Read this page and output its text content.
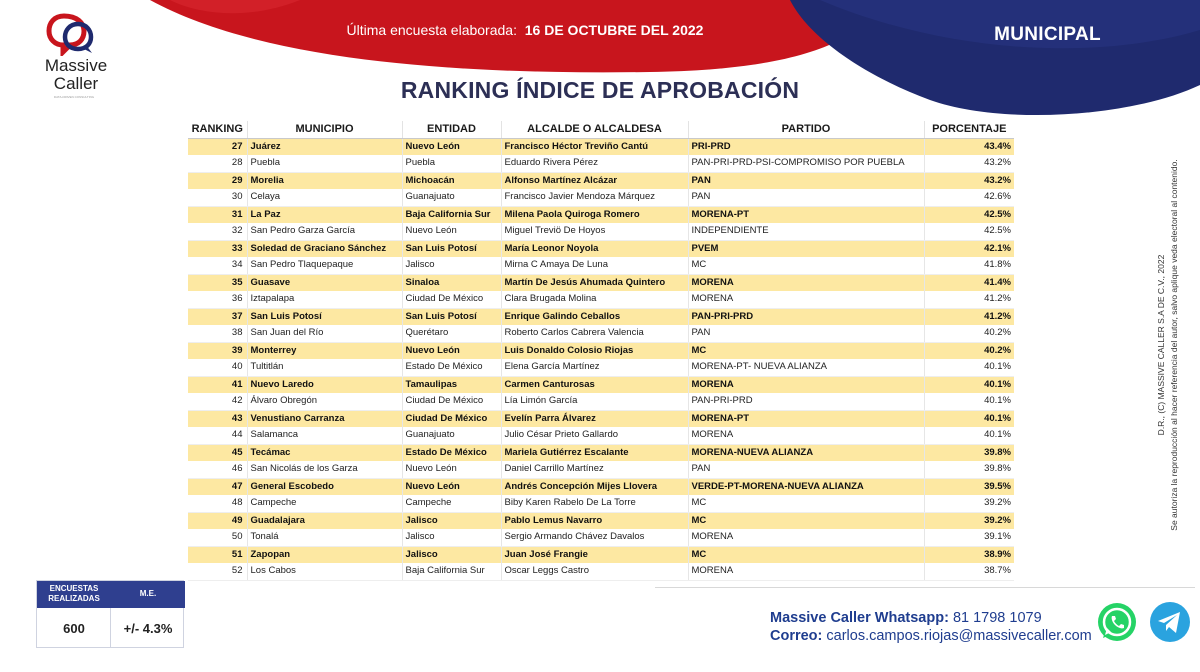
Última encuesta elaborada: 16 DE OCTUBRE DEL 2022	MUNICIPAL
Massive
Caller
DATA-DRIVEN CONSULTING	RANKING ÍNDICE DE APROBACIÓN
RANKING	MUNICIPIO	ENTIDAD	ALCALDE O ALCALDESA	PARTIDO	PORCENTAJE
27	Juárez	Nuevo León	Francisco Héctor Treviño Cantú	PRI-PRD	43.4%
28	Puebla	Puebla	Eduardo Rivera Pérez	PAN-PRI-PRD-PSI-COMPROMISO POR PUEBLA	43.2%
29	Morelia	Michoacán	Alfonso Martínez Alcázar	PAN	43.2%
30	Celaya	Guanajuato	Francisco Javier Mendoza Márquez	PAN	42.6%
31	La Paz	Baja California Sur	Milena Paola Quiroga Romero	MORENA-PT	42.5%
32	San Pedro Garza García	Nuevo León	Miguel Treviö De Hoyos	INDEPENDIENTE	42.5%
33	Soledad de Graciano Sánchez	San Luis Potosí	María Leonor Noyola	PVEM	42.1%
34	San Pedro Tlaquepaque	Jalisco	Mirna C Amaya De Luna	MC	41.8%
35	Guasave	Sinaloa	Martín De Jesús Ahumada Quintero	MORENA	41.4%
36	Iztapalapa	Ciudad De México	Clara Brugada Molina	MORENA	41.2%
37	San Luis Potosí	San Luis Potosí	Enrique Galindo Ceballos	PAN-PRI-PRD	41.2%
38	San Juan del Río	Querétaro	Roberto Carlos Cabrera Valencia	PAN	40.2%
39	Monterrey	Nuevo León	Luis Donaldo Colosio Riojas	MC	40.2%
40	Tultitlán	Estado De México	Elena García Martínez	MORENA-PT- NUEVA ALIANZA	40.1%
41	Nuevo Laredo	Tamaulipas	Carmen Canturosas	MORENA	40.1%
42	Álvaro Obregón	Ciudad De México	Lía Limón García	PAN-PRI-PRD	40.1%
43	Venustiano Carranza	Ciudad De México	Evelín Parra Álvarez	MORENA-PT	40.1%
44	Salamanca	Guanajuato	Julio César Prieto Gallardo	MORENA	40.1%
45	Tecámac	Estado De México	Mariela Gutiérrez Escalante	MORENA-NUEVA ALIANZA	39.8%
46	San Nicolás de los Garza	Nuevo León	Daniel Carrillo Martínez	PAN	39.8%
47	General Escobedo	Nuevo León	Andrés Concepción Mijes Llovera	VERDE-PT-MORENA-NUEVA ALIANZA	39.5%
48	Campeche	Campeche	Biby Karen Rabelo De La Torre	MC	39.2%
49	Guadalajara	Jalisco	Pablo Lemus Navarro	MC	39.2%
50	Tonalá	Jalisco	Sergio Armando Chávez Davalos	MORENA	39.1%
51	Zapopan	Jalisco	Juan José Frangie	MC	38.9%
52	Los Cabos	Baja California Sur	Oscar Leggs Castro	MORENA	38.7%
D.R., (C) MASSIVE CALLER S.A DE C.V., 2022 Se autoriza la reproducción al hacer referencia del autor, salvo aplique veda electoral al contenido.
ENCUESTAS
REALIZADAS
M.E.
600	+/- 4.3%
Massive Caller Whatsapp: 81 1798 1079
Correo: carlos.campos.riojas@massivecaller.com
